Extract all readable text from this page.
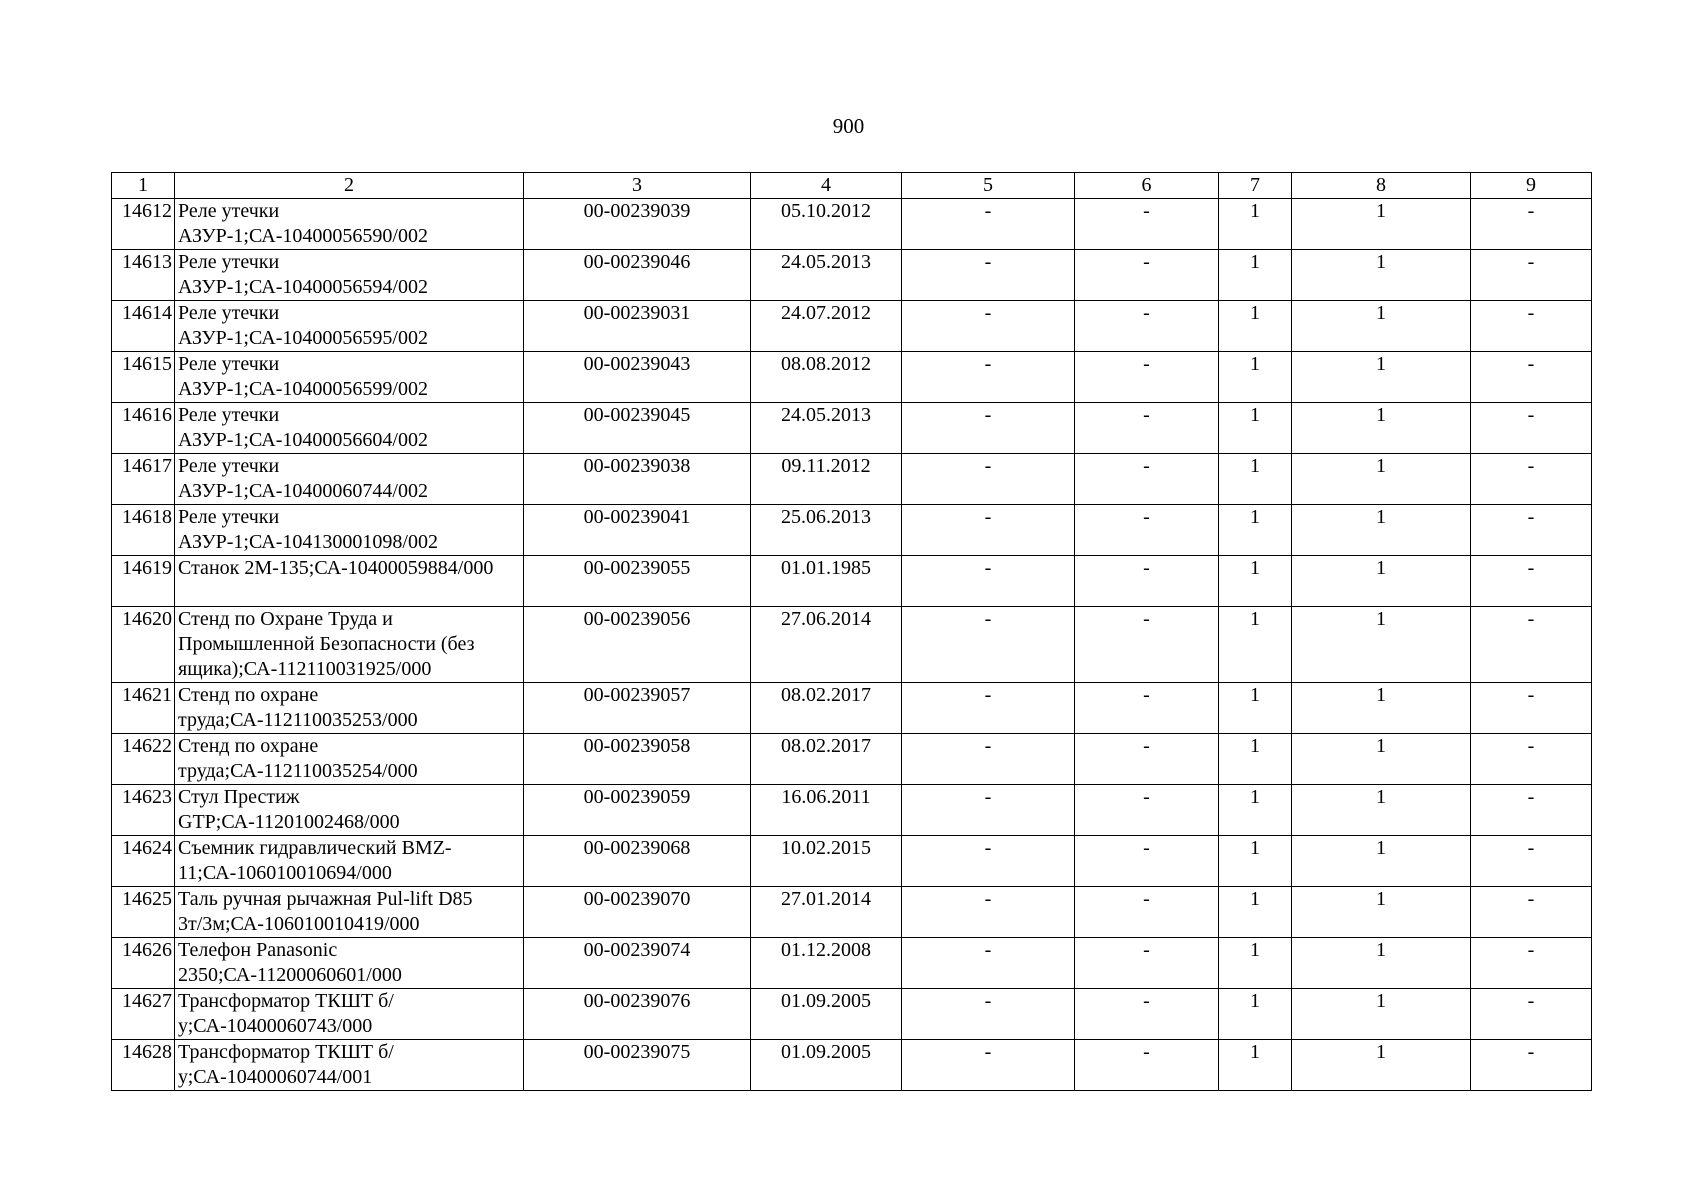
900
1	2	3	4	5	6	7	8	9
14612	Реле утечки АЗУР-1;СА-10400056590/002	00-00239039	05.10.2012	-	-	1	1	-
14613	Реле утечки АЗУР-1;СА-10400056594/002	00-00239046	24.05.2013	-	-	1	1	-
14614	Реле утечки АЗУР-1;СА-10400056595/002	00-00239031	24.07.2012	-	-	1	1	-
14615	Реле утечки АЗУР-1;СА-10400056599/002	00-00239043	08.08.2012	-	-	1	1	-
14616	Реле утечки АЗУР-1;СА-10400056604/002	00-00239045	24.05.2013	-	-	1	1	-
14617	Реле утечки АЗУР-1;СА-10400060744/002	00-00239038	09.11.2012	-	-	1	1	-
14618	Реле утечки АЗУР-1;СА-104130001098/002	00-00239041	25.06.2013	-	-	1	1	-
14619	Станок 2М-135;СА-10400059884/000	00-00239055	01.01.1985	-	-	1	1	-
14620	Стенд по Охране Труда и Промышленной Безопасности (без ящика);СА-112110031925/000	00-00239056	27.06.2014	-	-	1	1	-
14621	Стенд по охране труда;СА-112110035253/000	00-00239057	08.02.2017	-	-	1	1	-
14622	Стенд по охране труда;СА-112110035254/000	00-00239058	08.02.2017	-	-	1	1	-
14623	Стул Престиж GTP;СА-11201002468/000	00-00239059	16.06.2011	-	-	1	1	-
14624	Съемник гидравлический BMZ-11;СА-106010010694/000	00-00239068	10.02.2015	-	-	1	1	-
14625	Таль ручная рычажная Pul-lift D85 3т/3м;СА-106010010419/000	00-00239070	27.01.2014	-	-	1	1	-
14626	Телефон Panasonic 2350;СА-11200060601/000	00-00239074	01.12.2008	-	-	1	1	-
14627	Трансформатор ТКШТ б/у;СА-10400060743/000	00-00239076	01.09.2005	-	-	1	1	-
14628	Трансформатор ТКШТ б/у;СА-10400060744/001	00-00239075	01.09.2005	-	-	1	1	-
